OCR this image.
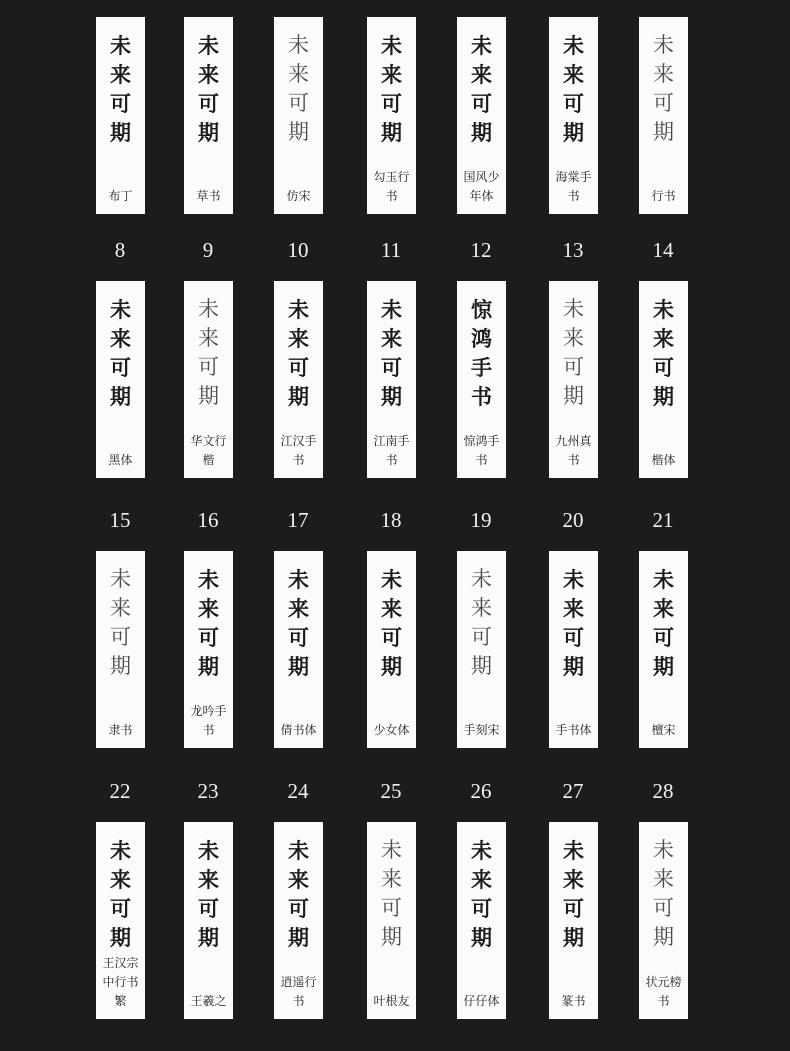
未
来
可
期
布丁
未
来
可
期
草书
未
来
可
期
仿宋
未
来
可
期
勾玉行书
未
来
可
期
国风少年体
未
来
可
期
海棠手书
未
来
可
期
行书
8	9	10	11	12	13	14
未
来
可
期
黑体
未
来
可
期
华文行楷
未
来
可
期
江汉手书
未
来
可
期
江南手书
惊
鸿
手
书
惊鸿手书
未
来
可
期
九州真书
未
来
可
期
楷体
15	16	17	18	19	20	21
未
来
可
期
隶书
未
来
可
期
龙吟手书
未
来
可
期
倩书体
未
来
可
期
少女体
未
来
可
期
手刻宋
未
来
可
期
手书体
未
来
可
期
檀宋
22	23	24	25	26	27	28
未
来
可
期
王汉宗中行书繁
未
来
可
期
王羲之
未
来
可
期
逍遥行书
未
来
可
期
叶根友
未
来
可
期
仔仔体
未
来
可
期
篆书
未
来
可
期
状元榜书
